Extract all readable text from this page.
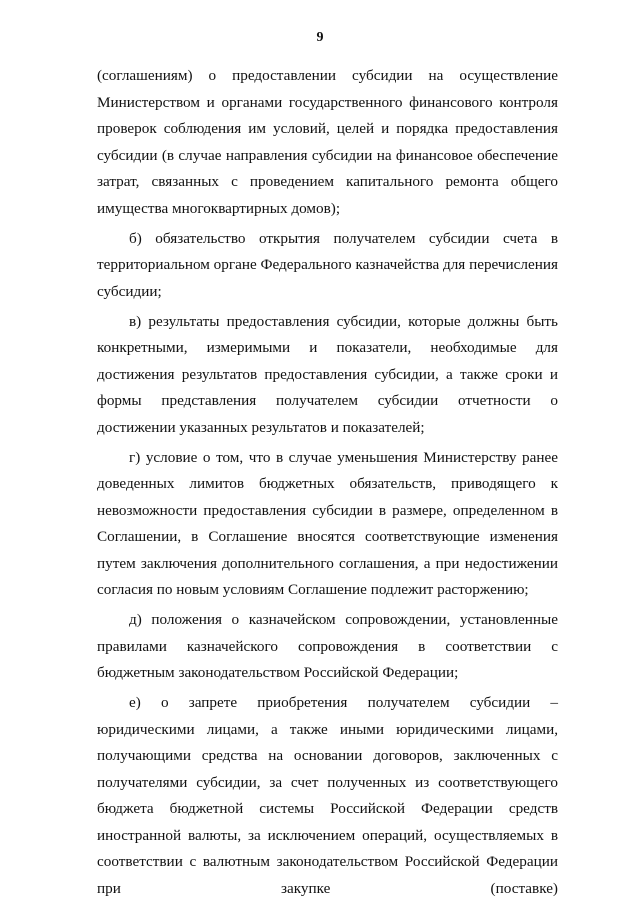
9

(соглашениям) о предоставлении субсидии на осуществление Министерством и органами государственного финансового контроля проверок соблюдения им условий, целей и порядка предоставления субсидии (в случае направления субсидии на финансовое обеспечение затрат, связанных с проведением капитального ремонта общего имущества многоквартирных домов);

б) обязательство открытия получателем субсидии счета в территориальном органе Федерального казначейства для перечисления субсидии;

в) результаты предоставления субсидии, которые должны быть конкретными, измеримыми и показатели, необходимые для достижения результатов предоставления субсидии, а также сроки и формы представления получателем субсидии отчетности о достижении указанных результатов и показателей;

г) условие о том, что в случае уменьшения Министерству ранее доведенных лимитов бюджетных обязательств, приводящего к невозможности предоставления субсидии в размере, определенном в Соглашении, в Соглашение вносятся соответствующие изменения путем заключения дополнительного соглашения, а при недостижении согласия по новым условиям Соглашение подлежит расторжению;

д) положения о казначейском сопровождении, установленные правилами казначейского сопровождения в соответствии с бюджетным законодательством Российской Федерации;

е) о запрете приобретения получателем субсидии – юридическими лицами, а также иными юридическими лицами, получающими средства на основании договоров, заключенных с получателями субсидии, за счет полученных из соответствующего бюджета бюджетной системы Российской Федерации средств иностранной валюты, за исключением операций, осуществляемых в соответствии с валютным законодательством Российской Федерации при закупке (поставке)
